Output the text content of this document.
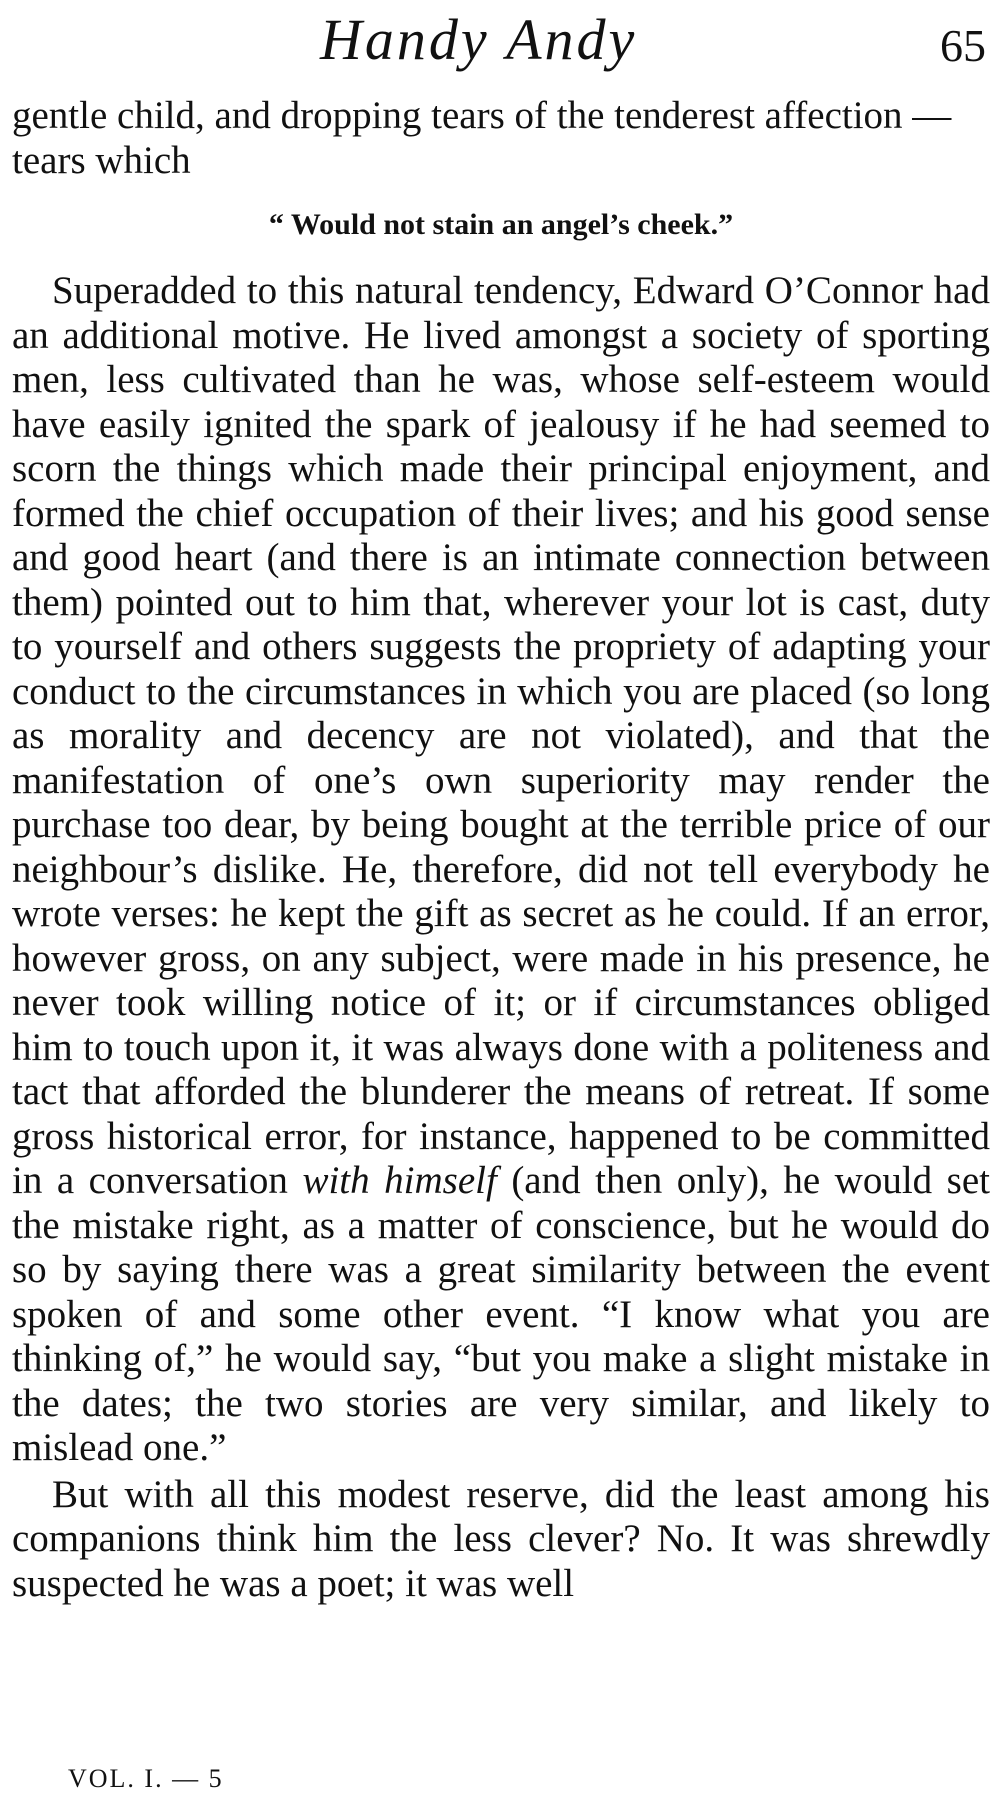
Handy Andy	65

gentle child, and dropping tears of the tenderest affection — tears which

“ Would not stain an angel’s cheek.”

Superadded to this natural tendency, Edward O’Connor had an additional motive. He lived amongst a society of sporting men, less cultivated than he was, whose self-esteem would have easily ignited the spark of jealousy if he had seemed to scorn the things which made their principal enjoyment, and formed the chief occupation of their lives; and his good sense and good heart (and there is an intimate connection between them) pointed out to him that, wherever your lot is cast, duty to yourself and others suggests the propriety of adapting your conduct to the circumstances in which you are placed (so long as morality and decency are not violated), and that the manifestation of one’s own superiority may render the purchase too dear, by being bought at the terrible price of our neighbour’s dislike. He, therefore, did not tell everybody he wrote verses: he kept the gift as secret as he could. If an error, however gross, on any subject, were made in his presence, he never took willing notice of it; or if circumstances obliged him to touch upon it, it was always done with a politeness and tact that afforded the blunderer the means of retreat. If some gross historical error, for instance, happened to be committed in a conversation with himself (and then only), he would set the mistake right, as a matter of conscience, but he would do so by saying there was a great similarity between the event spoken of and some other event. “I know what you are thinking of,” he would say, “but you make a slight mistake in the dates; the two stories are very similar, and likely to mislead one.”

But with all this modest reserve, did the least among his companions think him the less clever? No. It was shrewdly suspected he was a poet; it was well

VOL. I. — 5
